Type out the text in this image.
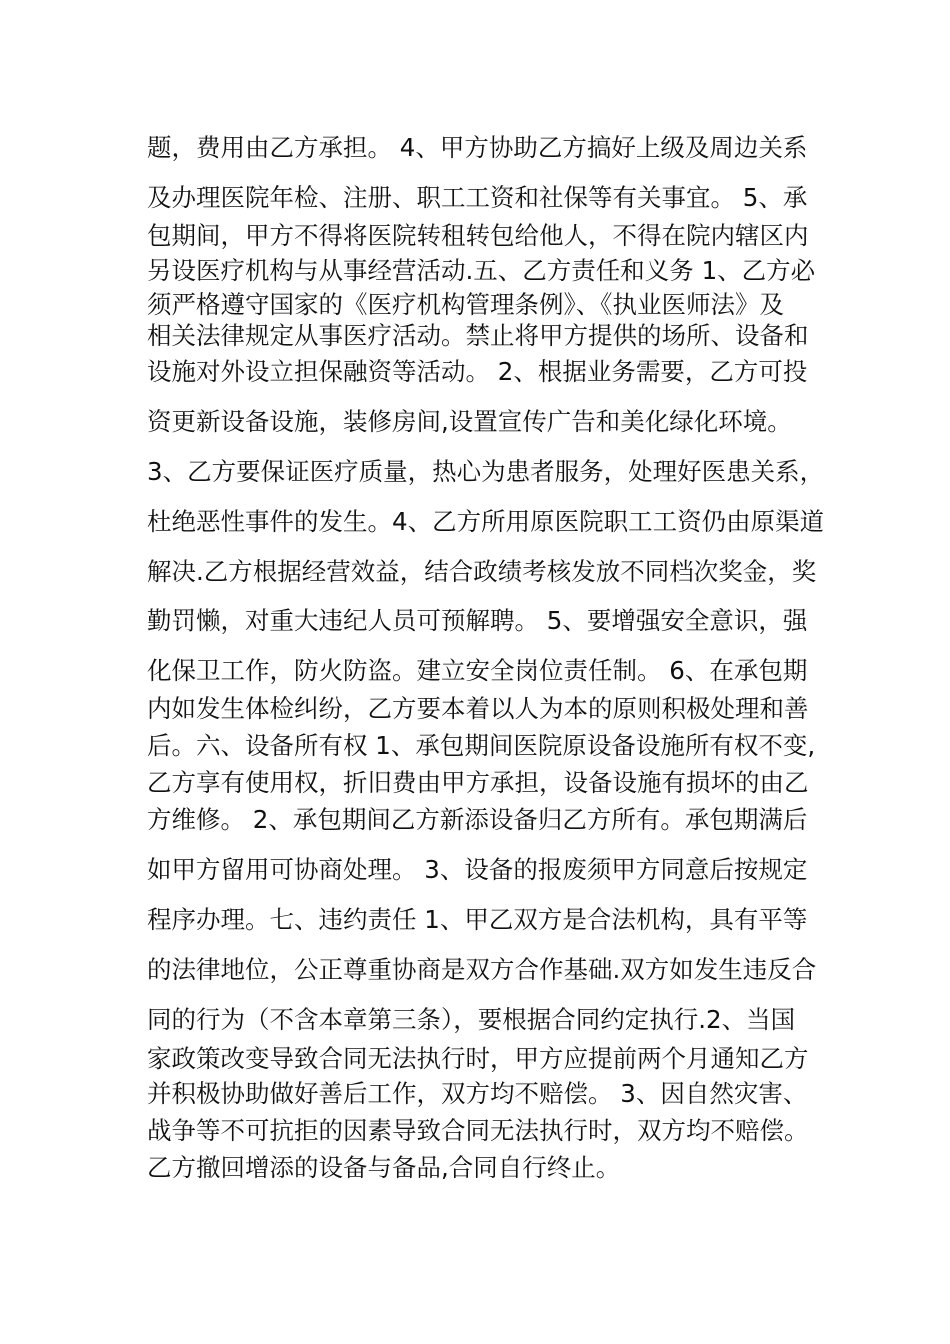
题，费用由乙方承担。 4、甲方协助乙方搞好上级及周边关系
及办理医院年检、注册、职工工资和社保等有关事宜。 5、承
包期间，甲方不得将医院转租转包给他人，不得在院内辖区内
另设医疗机构与从事经营活动.五、乙方责任和义务 1、乙方必
须严格遵守国家的《医疗机构管理条例》、《执业医师法》及
相关法律规定从事医疗活动。禁止将甲方提供的场所、设备和
设施对外设立担保融资等活动。 2、根据业务需要，乙方可投
资更新设备设施，装修房间,设置宣传广告和美化绿化环境。
3、乙方要保证医疗质量，热心为患者服务，处理好医患关系，
杜绝恶性事件的发生。4、乙方所用原医院职工工资仍由原渠道
解决.乙方根据经营效益，结合政绩考核发放不同档次奖金，奖
勤罚懒，对重大违纪人员可预解聘。 5、要增强安全意识，强
化保卫工作，防火防盗。建立安全岗位责任制。 6、在承包期
内如发生体检纠纷，乙方要本着以人为本的原则积极处理和善
后。六、设备所有权 1、承包期间医院原设备设施所有权不变,
乙方享有使用权，折旧费由甲方承担，设备设施有损坏的由乙
方维修。 2、承包期间乙方新添设备归乙方所有。承包期满后
如甲方留用可协商处理。 3、设备的报废须甲方同意后按规定
程序办理。七、违约责任 1、甲乙双方是合法机构，具有平等
的法律地位，公正尊重协商是双方合作基础.双方如发生违反合
同的行为（不含本章第三条），要根据合同约定执行.2、当国
家政策改变导致合同无法执行时，甲方应提前两个月通知乙方
并积极协助做好善后工作，双方均不赔偿。 3、因自然灾害、
战争等不可抗拒的因素导致合同无法执行时，双方均不赔偿。
乙方撤回增添的设备与备品,合同自行终止。
